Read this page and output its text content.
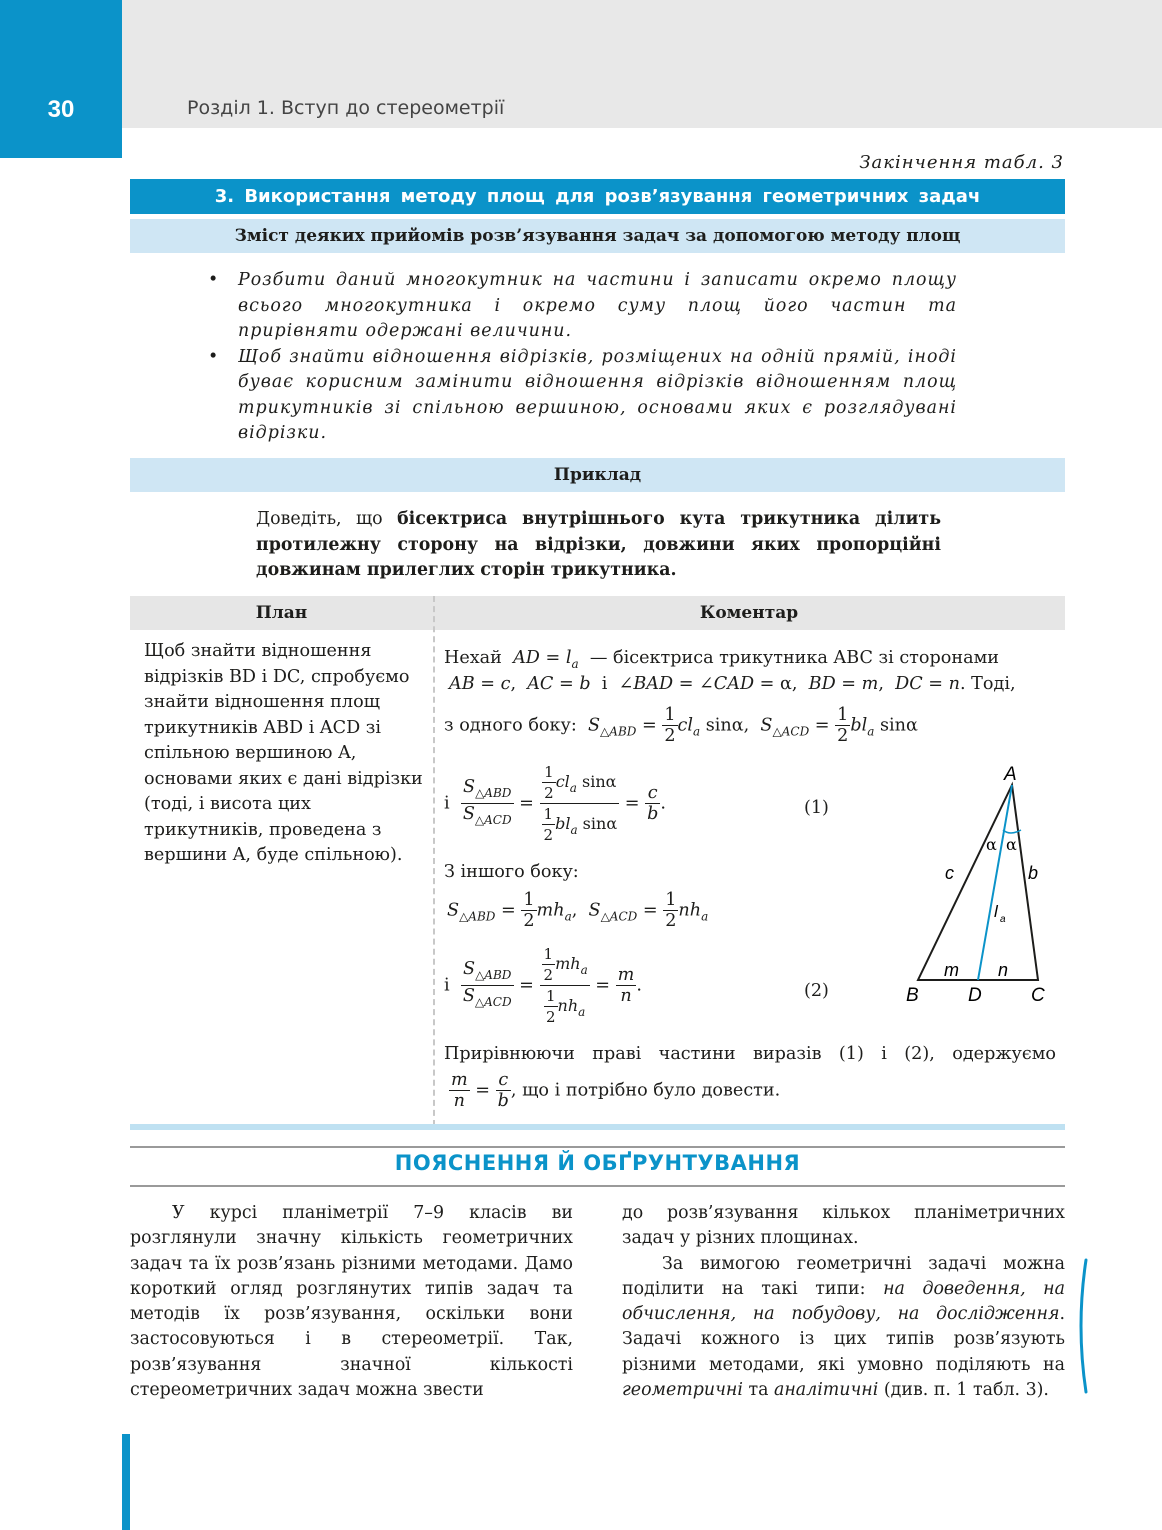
30	Розділ 1. Вступ до стереометрії
Закінчення табл. 3
3. Використання методу площ для розв’язування геометричних задач
Зміст деяких прийомів розв’язування задач за допомогою методу площ
• Розбити даний многокутник на частини і записати окремо площу всього многокутника і окремо суму площ його частин та прирівняти одержані величини.
• Щоб знайти відношення відрізків, розміщених на одній прямій, іноді буває корисним замінити відношення відрізків відношенням площ трикутників зі спільною вершиною, основами яких є розглядувані відрізки.
Приклад
Доведіть, що бісектриса внутрішнього кута трикутника ділить протилежну сторону на відрізки, довжини яких пропорційні довжинам прилеглих сторін трикутника.
План	Коментар
Щоб знайти відношення відрізків BD і DC, спробуємо знайти відношення площ трикутників ABD і ACD зі спільною вершиною A, основами яких є дані відрізки (тоді, і висота цих трикутників, проведена з вершини A, буде спільною).
Нехай AD = $l_a$ — бісектриса трикутника ABC зі сторонами
AB = c,  AC = b і  ∠BAD = ∠CAD = α,  BD = m,  DC = n. Тоді,
з одного боку: $S_{\triangle ABD} = \frac{1}{2} cl_a$ sinα,  $S_{\triangle ACD} = \frac{1}{2} bl_a$ sinα
і $\frac{S_{\triangle ABD}}{S_{\triangle ACD}} = \frac{\frac{1}{2} cl_a \sin\alpha}{\frac{1}{2} bl_a \sin\alpha} = \frac{c}{b}$ .	(1)
З іншого боку:
$S_{\triangle ABD} = \frac{1}{2} mh_a$,  $S_{\triangle ACD} = \frac{1}{2} nh_a$
і $\frac{S_{\triangle ABD}}{S_{\triangle ACD}} = \frac{\frac{1}{2} mh_a}{\frac{1}{2} nh_a} = \frac{m}{n}$ .	(2)
Прирівнюючи праві частини виразів (1) і (2), одержуємо
$\frac{m}{n} = \frac{c}{b}$ , що і потрібно було довести.
A
B	D	C
c	b
α α
l a
m n
ПОЯСНЕННЯ Й ОБҐРУНТУВАННЯ

У курсі планіметрії 7–9 класів ви розглянули значну кількість геометричних задач та їх розв’язань різними методами. Дамо короткий огляд розглянутих типів задач та методів їх розв’язування, оскільки вони застосовуються і в стереометрії. Так, розв’язування значної кількості стереометричних задач можна звести

до розв’язування кількох планіметричних задач у різних площинах.

За вимогою геометричні задачі можна поділити на такі типи: на доведення, на обчислення, на побудову, на дослідження. Задачі кожного із цих типів розв’язують різними методами, які умовно поділяють на геометричні та аналітичні (див. п. 1 табл. 3).
